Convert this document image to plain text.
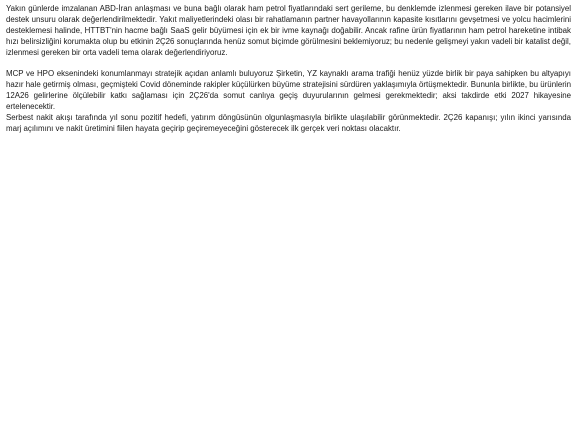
Yakın günlerde imzalanan ABD-İran anlaşması ve buna bağlı olarak ham petrol fiyatlarındaki sert gerileme, bu denklemde izlenmesi gereken ilave bir potansiyel destek unsuru olarak değerlendirilmektedir. Yakıt maliyetlerindeki olası bir rahatlamanın partner havayollarının kapasite kısıtlarını gevşetmesi ve yolcu hacimlerini desteklemesi halinde, HTTBT'nin hacme bağlı SaaS gelir büyümesi için ek bir ivme kaynağı doğabilir. Ancak rafine ürün fiyatlarının ham petrol hareketine intibak hızı belirsizliğini korumakta olup bu etkinin 2Ç26 sonuçlarında henüz somut biçimde görülmesini beklemiyoruz; bu nedenle gelişmeyi yakın vadeli bir katalist değil, izlenmesi gereken bir orta vadeli tema olarak değerlendiriyoruz.

MCP ve HPO eksenindeki konumlanmayı stratejik açıdan anlamlı buluyoruz Şirketin, YZ kaynaklı arama trafiği henüz yüzde birlik bir paya sahipken bu altyapıyı hazır hale getirmiş olması, geçmişteki Covid döneminde rakipler küçülürken büyüme stratejisini sürdüren yaklaşımıyla örtüşmektedir. Bununla birlikte, bu ürünlerin 12A26 gelirlerine ölçülebilir katkı sağlaması için 2Ç26'da somut canlıya geçiş duyurularının gelmesi gerekmektedir; aksi takdirde etki 2027 hikayesine ertelenecektir.

Serbest nakit akışı tarafında yıl sonu pozitif hedefi, yatırım döngüsünün olgunlaşmasıyla birlikte ulaşılabilir görünmektedir. 2Ç26 kapanışı; yılın ikinci yarısında marj açılımını ve nakit üretimini fiilen hayata geçirip geçiremeyeceğini gösterecek ilk gerçek veri noktası olacaktır.
